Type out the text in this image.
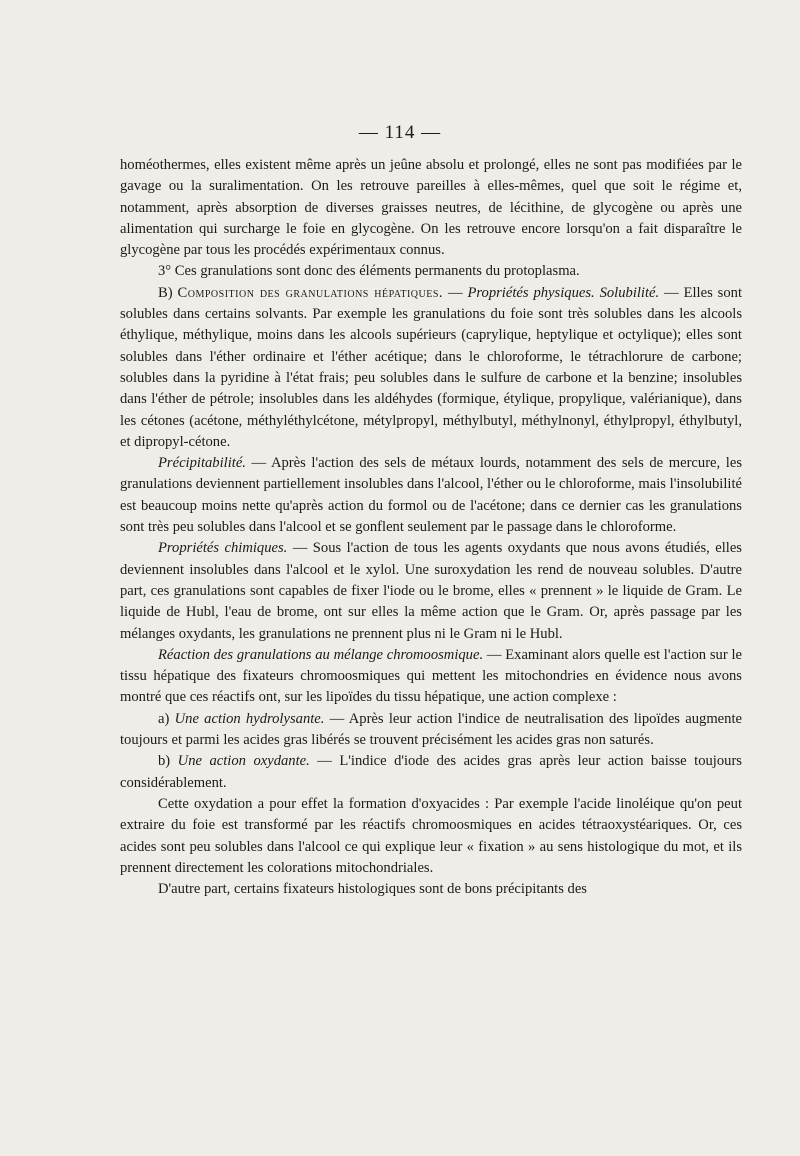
— 114 —

homéothermes, elles existent même après un jeûne absolu et prolongé, elles ne sont pas modifiées par le gavage ou la suralimentation. On les retrouve pareilles à elles-mêmes, quel que soit le régime et, notamment, après absorption de diverses graisses neutres, de lécithine, de glycogène ou après une alimentation qui surcharge le foie en glycogène. On les retrouve encore lorsqu'on a fait disparaître le glycogène par tous les procédés expérimentaux connus.

3° Ces granulations sont donc des éléments permanents du protoplasma.

B) Composition des granulations hépatiques. — Propriétés physiques. Solubilité. — Elles sont solubles dans certains solvants. Par exemple les granulations du foie sont très solubles dans les alcools éthylique, méthylique, moins dans les alcools supérieurs (caprylique, heptylique et octylique); elles sont solubles dans l'éther ordinaire et l'éther acétique; dans le chloroforme, le tétrachlorure de carbone; solubles dans la pyridine à l'état frais; peu solubles dans le sulfure de carbone et la benzine; insolubles dans l'éther de pétrole; insolubles dans les aldéhydes (formique, étylique, propylique, valérianique), dans les cétones (acétone, méthyléthylcétone, métylpropyl, méthylbutyl, méthylnonyl, éthylpropyl, éthylbutyl, et dipropyl-cétone.

Précipitabilité. — Après l'action des sels de métaux lourds, notamment des sels de mercure, les granulations deviennent partiellement insolubles dans l'alcool, l'éther ou le chloroforme, mais l'insolubilité est beaucoup moins nette qu'après action du formol ou de l'acétone; dans ce dernier cas les granulations sont très peu solubles dans l'alcool et se gonflent seulement par le passage dans le chloroforme.

Propriétés chimiques. — Sous l'action de tous les agents oxydants que nous avons étudiés, elles deviennent insolubles dans l'alcool et le xylol. Une suroxydation les rend de nouveau solubles. D'autre part, ces granulations sont capables de fixer l'iode ou le brome, elles « prennent » le liquide de Gram. Le liquide de Hubl, l'eau de brome, ont sur elles la même action que le Gram. Or, après passage par les mélanges oxydants, les granulations ne prennent plus ni le Gram ni le Hubl.

Réaction des granulations au mélange chromoosmique. — Examinant alors quelle est l'action sur le tissu hépatique des fixateurs chromoosmiques qui mettent les mitochondries en évidence nous avons montré que ces réactifs ont, sur les lipoïdes du tissu hépatique, une action complexe :

a) Une action hydrolysante. — Après leur action l'indice de neutralisation des lipoïdes augmente toujours et parmi les acides gras libérés se trouvent précisément les acides gras non saturés.

b) Une action oxydante. — L'indice d'iode des acides gras après leur action baisse toujours considérablement.

Cette oxydation a pour effet la formation d'oxyacides : Par exemple l'acide linoléique qu'on peut extraire du foie est transformé par les réactifs chromoosmiques en acides tétraoxystéariques. Or, ces acides sont peu solubles dans l'alcool ce qui explique leur « fixation » au sens histologique du mot, et ils prennent directement les colorations mitochondriales.

D'autre part, certains fixateurs histologiques sont de bons précipitants des
